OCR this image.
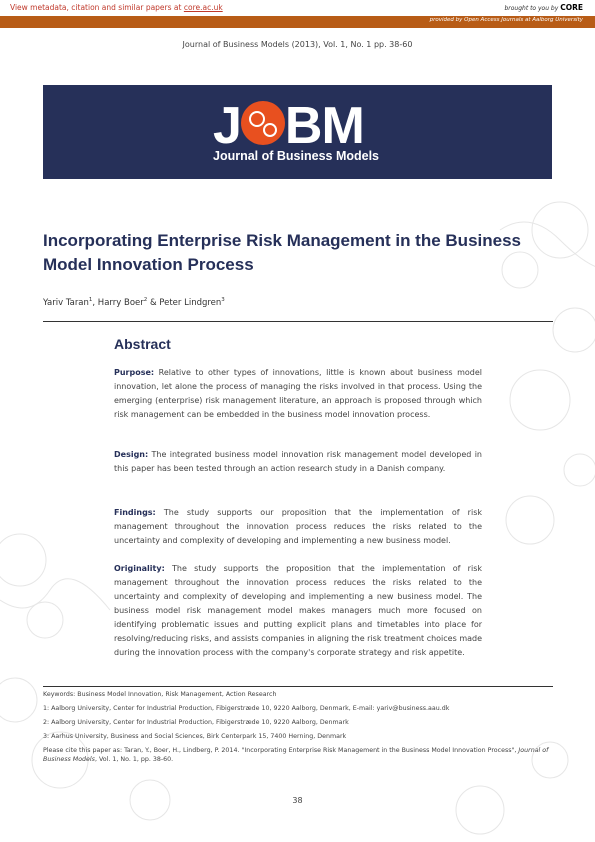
View metadata, citation and similar papers at core.ac.uk	brought to you by CORE
provided by Open Access Journals at Aalborg University
Journal of Business Models (2013), Vol. 1, No. 1 pp. 38-60
J BM
Journal of Business Models
Incorporating Enterprise Risk Management in the Business Model Innovation Process
Yariv Taran$^1$, Harry Boer$^2$ & Peter Lindgren$^3$
Abstract

Purpose: Relative to other types of innovations, little is known about business model innovation, let alone the process of managing the risks involved in that process. Using the emerging (enterprise) risk management literature, an approach is proposed through which risk management can be embedded in the business model innovation process.

Design: The integrated business model innovation risk management model developed in this paper has been tested through an action research study in a Danish company.

Findings: The study supports our proposition that the implementation of risk management throughout the innovation process reduces the risks related to the uncertainty and complexity of developing and implementing a new business model.

Originality: The study supports the proposition that the implementation of risk management throughout the innovation process reduces the risks related to the uncertainty and complexity of developing and implementing a new business model. The business model risk management model makes managers much more focused on identifying problematic issues and putting explicit plans and timetables into place for resolving/reducing risks, and assists companies in aligning the risk treatment choices made during the innovation process with the company's corporate strategy and risk appetite.

Keywords: Business Model Innovation, Risk Management, Action Research
1: Aalborg University, Center for Industrial Production, Fibigerstræde 10, 9220 Aalborg, Denmark, E-mail: yariv@business.aau.dk
2: Aalborg University, Center for Industrial Production, Fibigerstræde 10, 9220 Aalborg, Denmark
3: Aarhus University, Business and Social Sciences, Birk Centerpark 15, 7400 Herning, Denmark
Please cite this paper as: Taran, Y., Boer, H., Lindberg, P. 2014. "Incorporating Enterprise Risk Management in the Business Model Innovation Process", Journal of Business Models, Vol. 1, No. 1, pp. 38-60.
38
